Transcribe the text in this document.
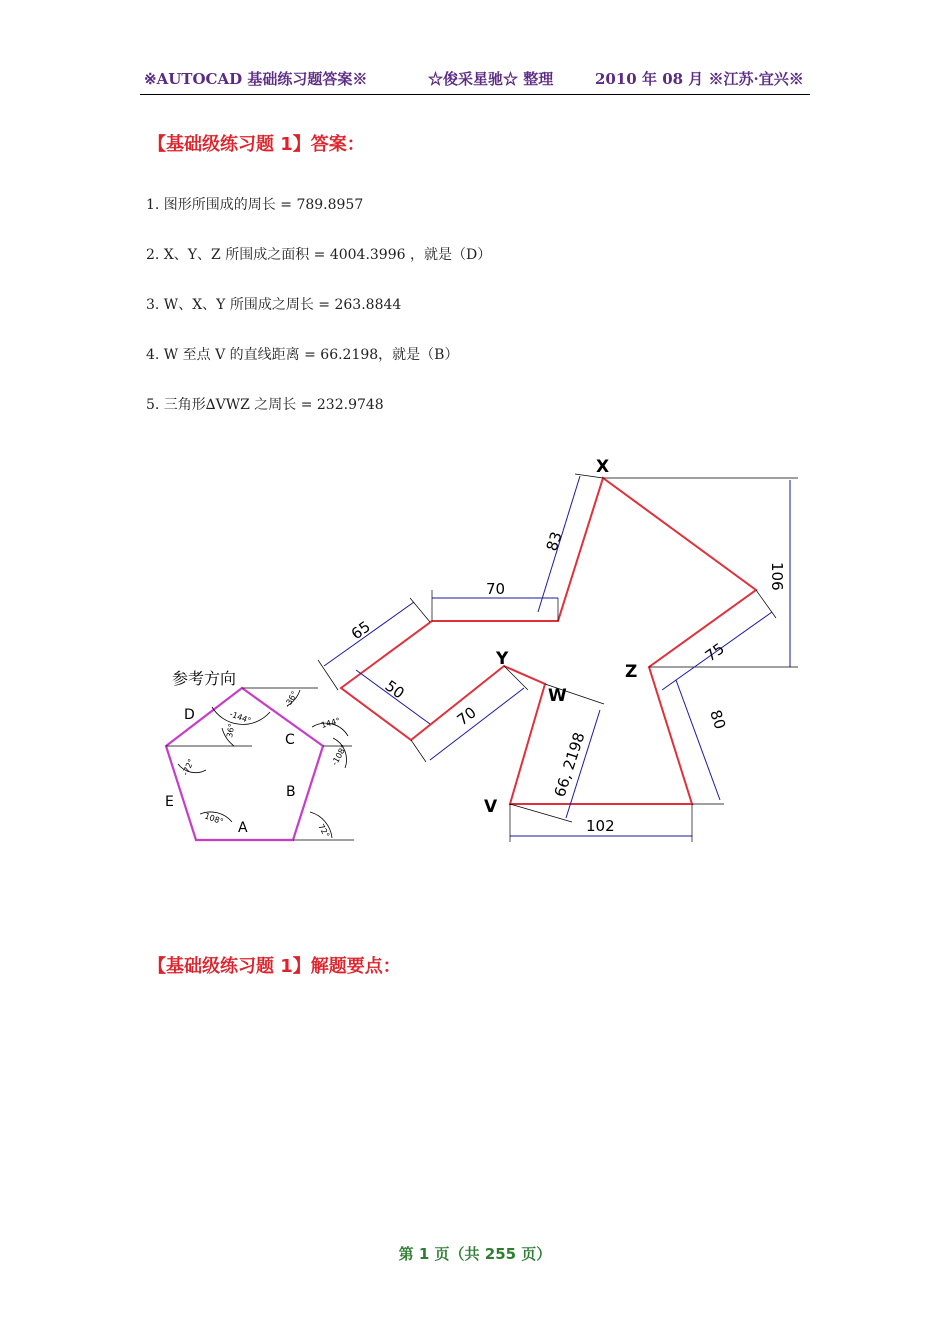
※AUTOCAD 基础练习题答案※	☆俊采星驰☆ 整理	2010 年 08 月 ※江苏·宜兴※
【基础级练习题 1】答案：
1. 图形所围成的周长 = 789.8957
2. X、Y、Z 所围成之面积 = 4004.3996 ，就是（D）
3. W、X、Y 所围成之周长 = 263.8844
4. W 至点 V 的直线距离 = 66.2198，就是（B）
5. 三角形∆VWZ 之周长 = 232.9748
参考方向
A
B
C
D
E
-144°
-36°
36°	144°
-108°
-72°
108°
72°
X
Y
Z
W
V
65
70
83
106
75
50
70
66, 2198
80
102
【基础级练习题 1】解题要点：
第 1 页（共 255 页）
